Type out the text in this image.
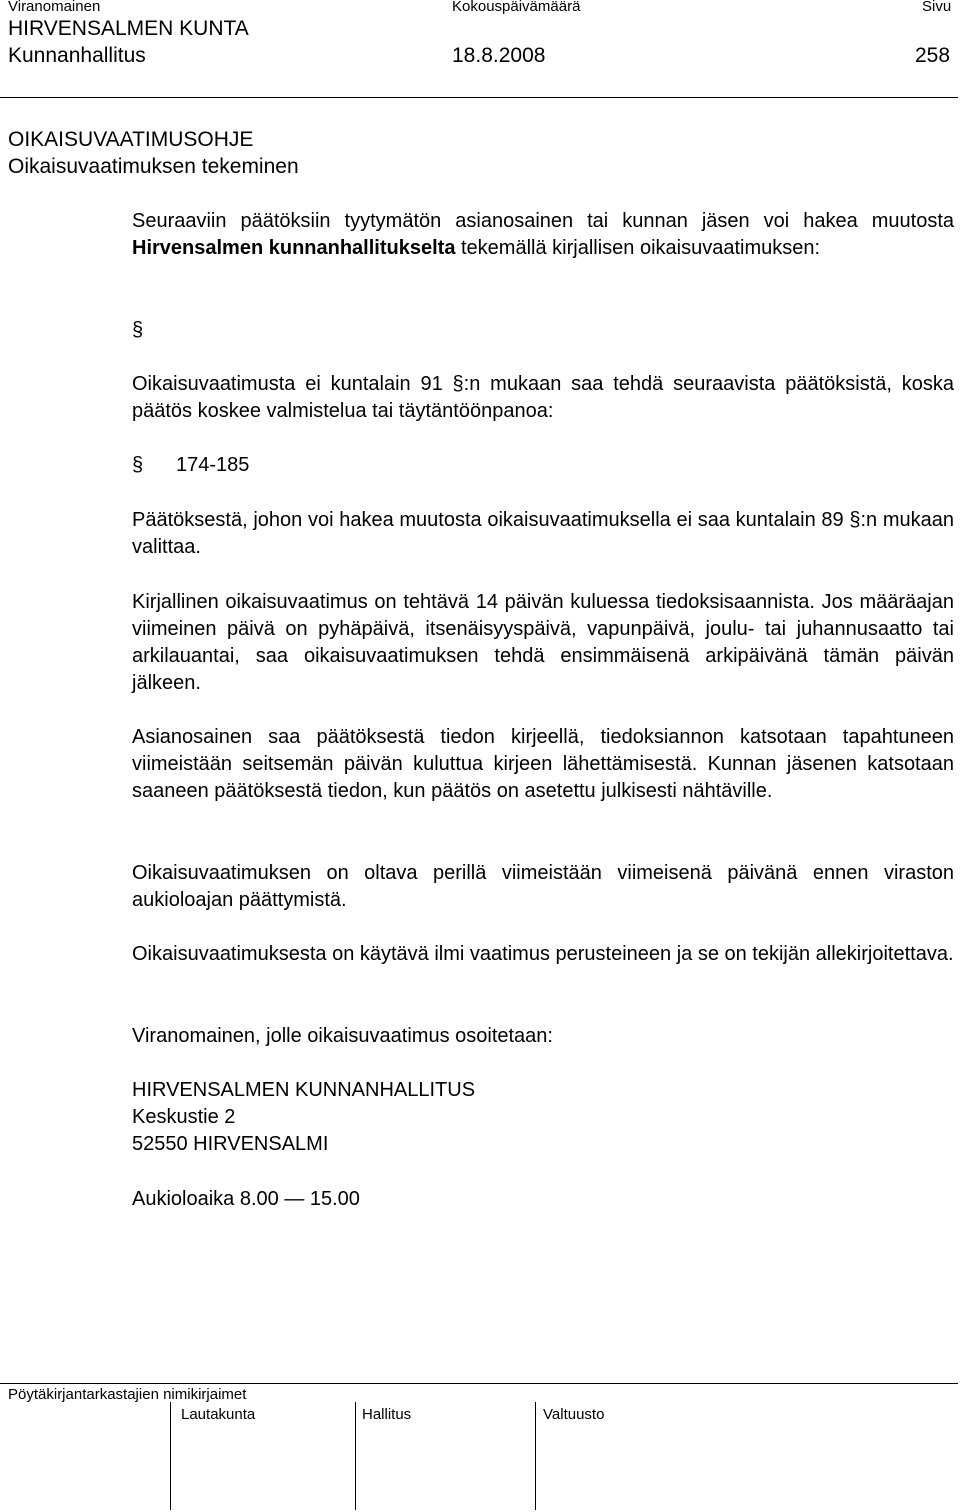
Viranomainen	Kokouspäivämäärä	Sivu
HIRVENSALMEN KUNTA
Kunnanhallitus	18.8.2008	258
OIKAISUVAATIMUSOHJE
Oikaisuvaatimuksen tekeminen
Seuraaviin päätöksiin tyytymätön asianosainen tai kunnan jäsen voi hakea muutosta Hirvensalmen kunnanhallitukselta tekemällä kirjallisen oikaisuvaatimuksen:
§
Oikaisuvaatimusta ei kuntalain 91 §:n mukaan saa tehdä seuraavista päätöksistä, koska päätös koskee valmistelua tai täytäntöönpanoa:
§ 174-185
Päätöksestä, johon voi hakea muutosta oikaisuvaatimuksella ei saa kuntalain 89 §:n mukaan valittaa.
Kirjallinen oikaisuvaatimus on tehtävä 14 päivän kuluessa tiedoksisaannista. Jos määräajan viimeinen päivä on pyhäpäivä, itsenäisyyspäivä, vapunpäivä, joulu- tai juhannusaatto tai arkilauantai, saa oikaisuvaatimuksen tehdä ensimmäisenä arkipäivänä tämän päivän jälkeen.
Asianosainen saa päätöksestä tiedon kirjeellä, tiedoksiannon katsotaan tapahtuneen viimeistään seitsemän päivän kuluttua kirjeen lähettämisestä. Kunnan jäsenen katsotaan saaneen päätöksestä tiedon, kun päätös on asetettu julkisesti nähtäville.
Oikaisuvaatimuksen on oltava perillä viimeistään viimeisenä päivänä ennen viraston aukioloajan päättymistä.
Oikaisuvaatimuksesta on käytävä ilmi vaatimus perusteineen ja se on tekijän allekirjoitettava.
Viranomainen, jolle oikaisuvaatimus osoitetaan:
HIRVENSALMEN KUNNANHALLITUS
Keskustie 2
52550 HIRVENSALMI
Aukioloaika 8.00 — 15.00
Pöytäkirjantarkastajien nimikirjaimet
Lautakunta	Hallitus	Valtuusto
